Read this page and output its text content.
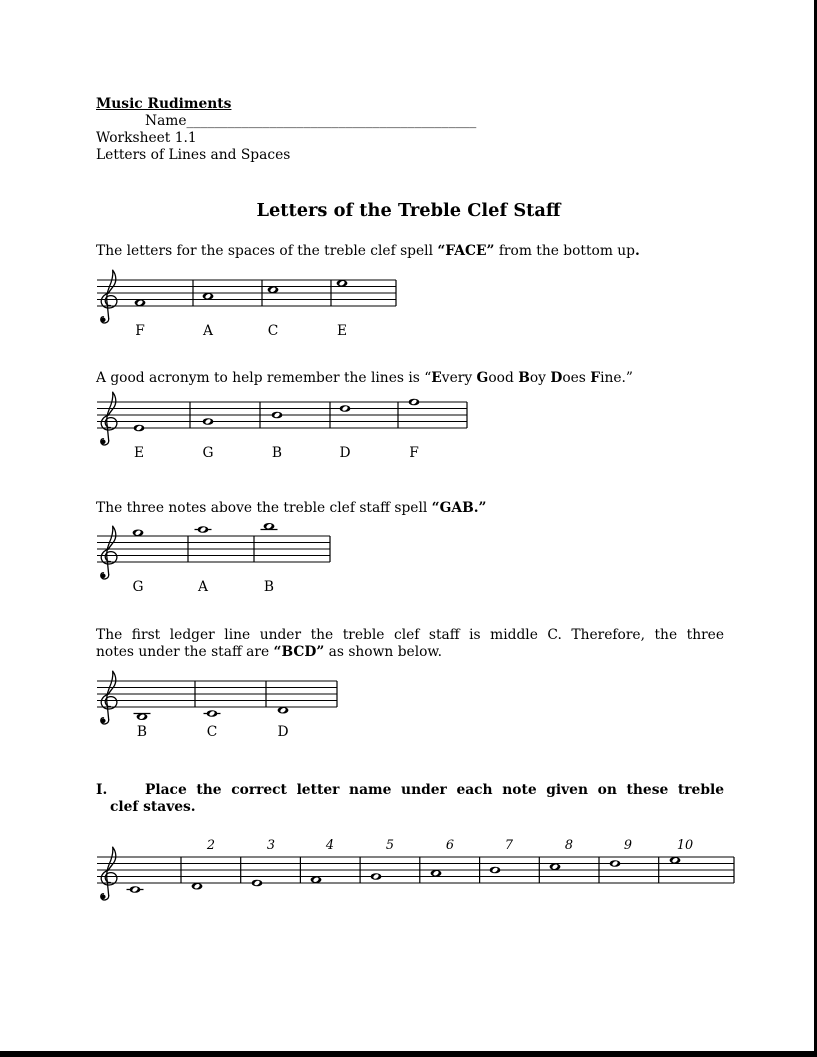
Music Rudiments
Name__________________________________________
Worksheet 1.1
Letters of Lines and Spaces
Letters of the Treble Clef Staff
The letters for the spaces of the treble clef spell “FACE” from the bottom up.
A good acronym to help remember the lines is “Every Good Boy Does Fine.”
The three notes above the treble clef staff spell “GAB.”
The first ledger line under the treble clef staff is middle C. Therefore, the three
notes under the staff are “BCD” as shown below.
I.	Place the correct letter name under each note given on these treble
clef staves.
F	A	C	E
E	G	B	D	F
G	A	B
B	C	D
2	3	4	5	6	7	8	9	10
